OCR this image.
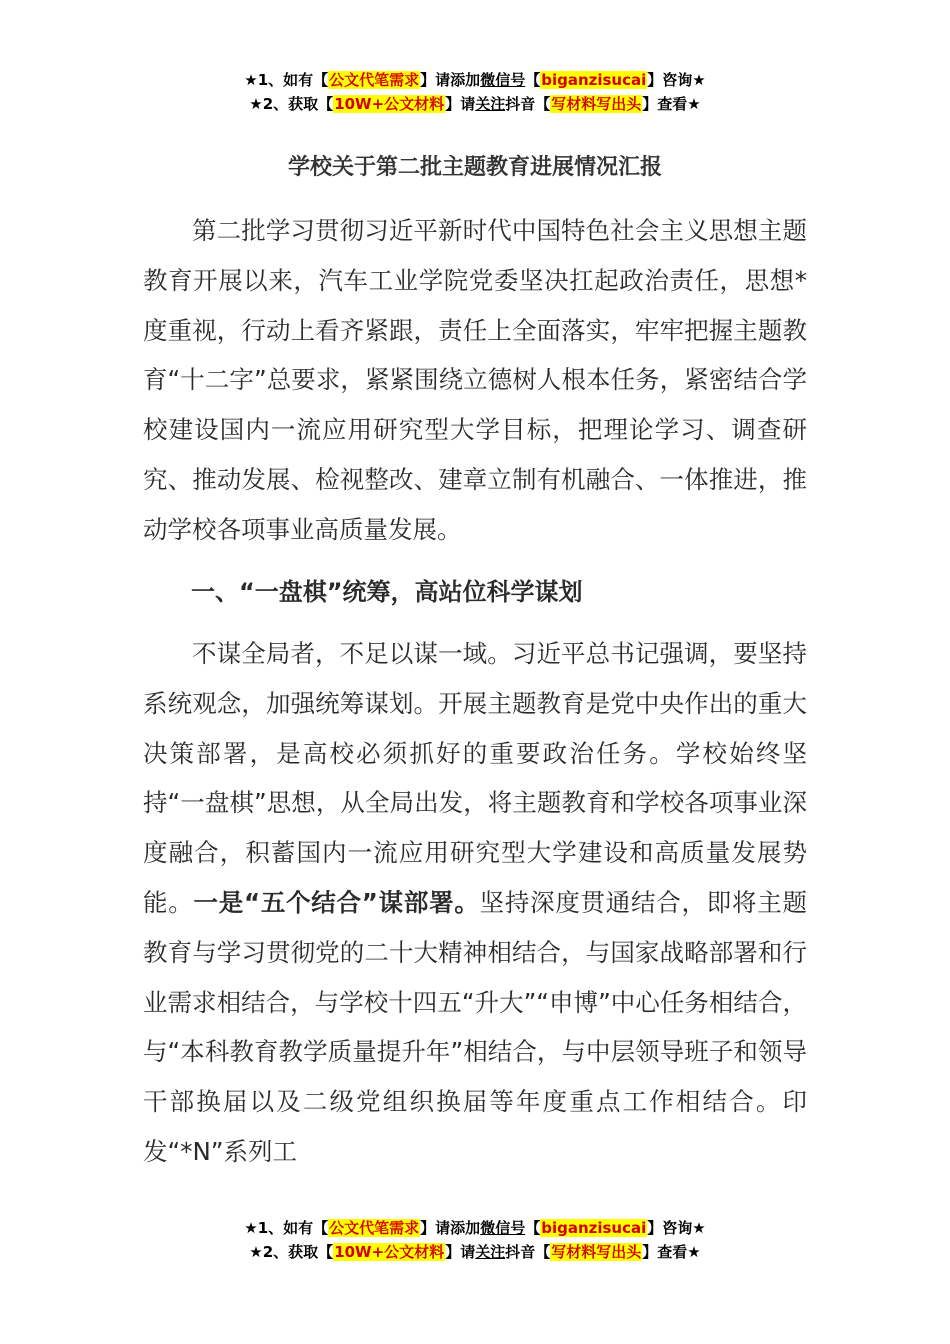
★1、如有【公文代笔需求】请添加微信号【biganzisucai】咨询★
★2、获取【10W+公文材料】请关注抖音【写材料写出头】查看★
学校关于第二批主题教育进展情况汇报

第二批学习贯彻习近平新时代中国特色社会主义思想主题教育开展以来，汽车工业学院党委坚决扛起政治责任，思想*度重视，行动上看齐紧跟，责任上全面落实，牢牢把握主题教育“十二字”总要求，紧紧围绕立德树人根本任务，紧密结合学校建设国内一流应用研究型大学目标，把理论学习、调查研究、推动发展、检视整改、建章立制有机融合、一体推进，推动学校各项事业高质量发展。

一、“一盘棋”统筹，高站位科学谋划

不谋全局者，不足以谋一域。习近平总书记强调，要坚持系统观念，加强统筹谋划。开展主题教育是党中央作出的重大决策部署，是高校必须抓好的重要政治任务。学校始终坚持“一盘棋”思想，从全局出发，将主题教育和学校各项事业深度融合，积蓄国内一流应用研究型大学建设和高质量发展势能。一是“五个结合”谋部署。坚持深度贯通结合，即将主题教育与学习贯彻党的二十大精神相结合，与国家战略部署和行业需求相结合，与学校十四五“升大”“申博”中心任务相结合，与“本科教育教学质量提升年”相结合，与中层领导班子和领导干部换届以及二级党组织换届等年度重点工作相结合。印发“*N”系列工

★1、如有【公文代笔需求】请添加微信号【biganzisucai】咨询★
★2、获取【10W+公文材料】请关注抖音【写材料写出头】查看★
